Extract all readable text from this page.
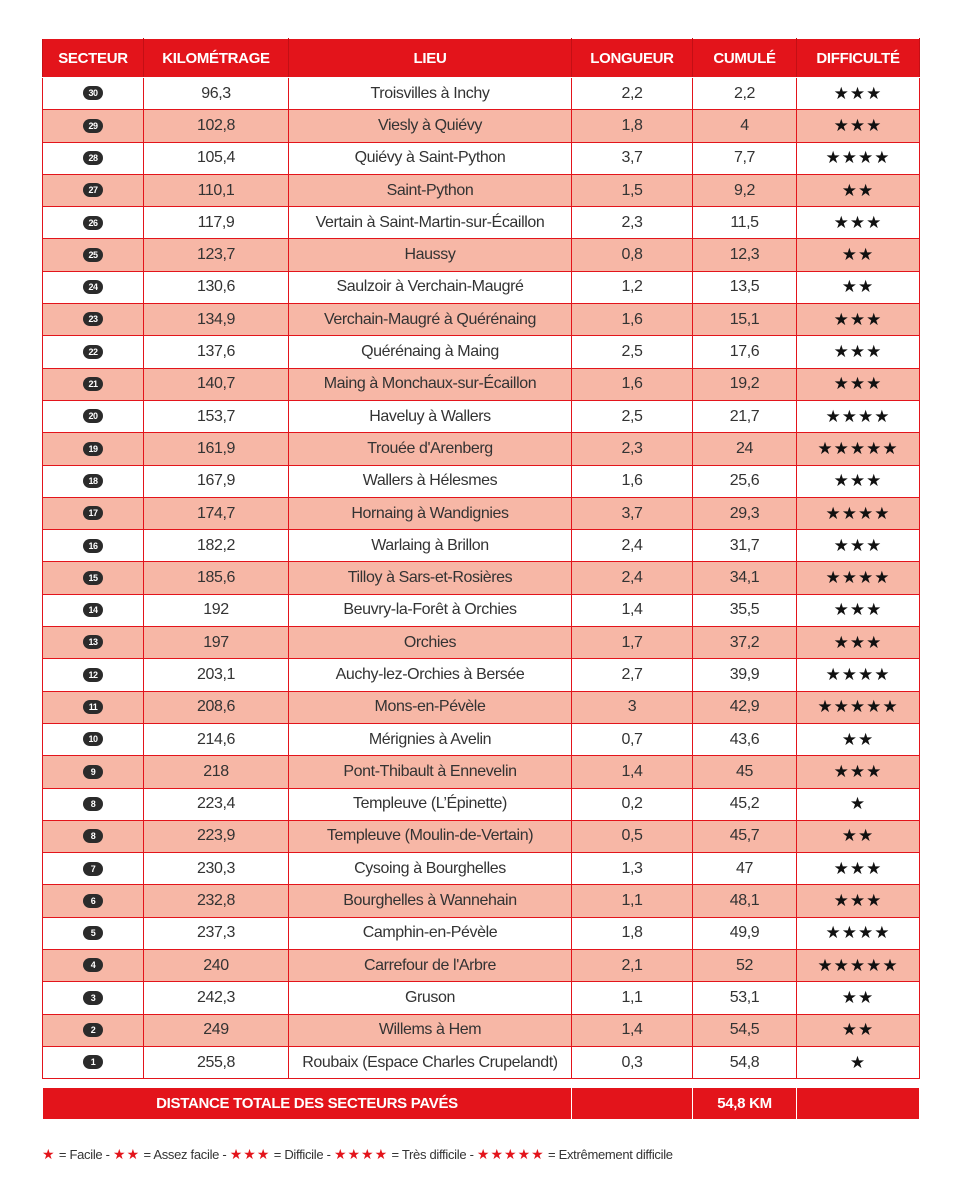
SECTEUR	KILOMÉTRAGE	LIEU	LONGUEUR	CUMULÉ	DIFFICULTÉ
30	96,3	Troisvilles à Inchy	2,2	2,2	★★★
29	102,8	Viesly à Quiévy	1,8	4	★★★
28	105,4	Quiévy à Saint-Python	3,7	7,7	★★★★
27	110,1	Saint-Python	1,5	9,2	★★
26	117,9	Vertain à Saint-Martin-sur-Écaillon	2,3	11,5	★★★
25	123,7	Haussy	0,8	12,3	★★
24	130,6	Saulzoir à Verchain-Maugré	1,2	13,5	★★
23	134,9	Verchain-Maugré à Quérénaing	1,6	15,1	★★★
22	137,6	Quérénaing à Maing	2,5	17,6	★★★
21	140,7	Maing à Monchaux-sur-Écaillon	1,6	19,2	★★★
20	153,7	Haveluy à Wallers	2,5	21,7	★★★★
19	161,9	Trouée d'Arenberg	2,3	24	★★★★★
18	167,9	Wallers à Hélesmes	1,6	25,6	★★★
17	174,7	Hornaing à Wandignies	3,7	29,3	★★★★
16	182,2	Warlaing à Brillon	2,4	31,7	★★★
15	185,6	Tilloy à Sars-et-Rosières	2,4	34,1	★★★★
14	192	Beuvry-la-Forêt à Orchies	1,4	35,5	★★★
13	197	Orchies	1,7	37,2	★★★
12	203,1	Auchy-lez-Orchies à Bersée	2,7	39,9	★★★★
11	208,6	Mons-en-Pévèle	3	42,9	★★★★★
10	214,6	Mérignies à Avelin	0,7	43,6	★★
9	218	Pont-Thibault à Ennevelin	1,4	45	★★★
8	223,4	Templeuve (L’Épinette)	0,2	45,2	★
8	223,9	Templeuve (Moulin-de-Vertain)	0,5	45,7	★★
7	230,3	Cysoing à Bourghelles	1,3	47	★★★
6	232,8	Bourghelles à Wannehain	1,1	48,1	★★★
5	237,3	Camphin-en-Pévèle	1,8	49,9	★★★★
4	240	Carrefour de l'Arbre	2,1	52	★★★★★
3	242,3	Gruson	1,1	53,1	★★
2	249	Willems à Hem	1,4	54,5	★★
1	255,8	Roubaix (Espace Charles Crupelandt)	0,3	54,8	★
DISTANCE TOTALE DES SECTEURS PAVÉS		54,8 KM	
★ = Facile - ★★ = Assez facile - ★★★ = Difficile - ★★★★ = Très difficile - ★★★★★ = Extrêmement difficile
